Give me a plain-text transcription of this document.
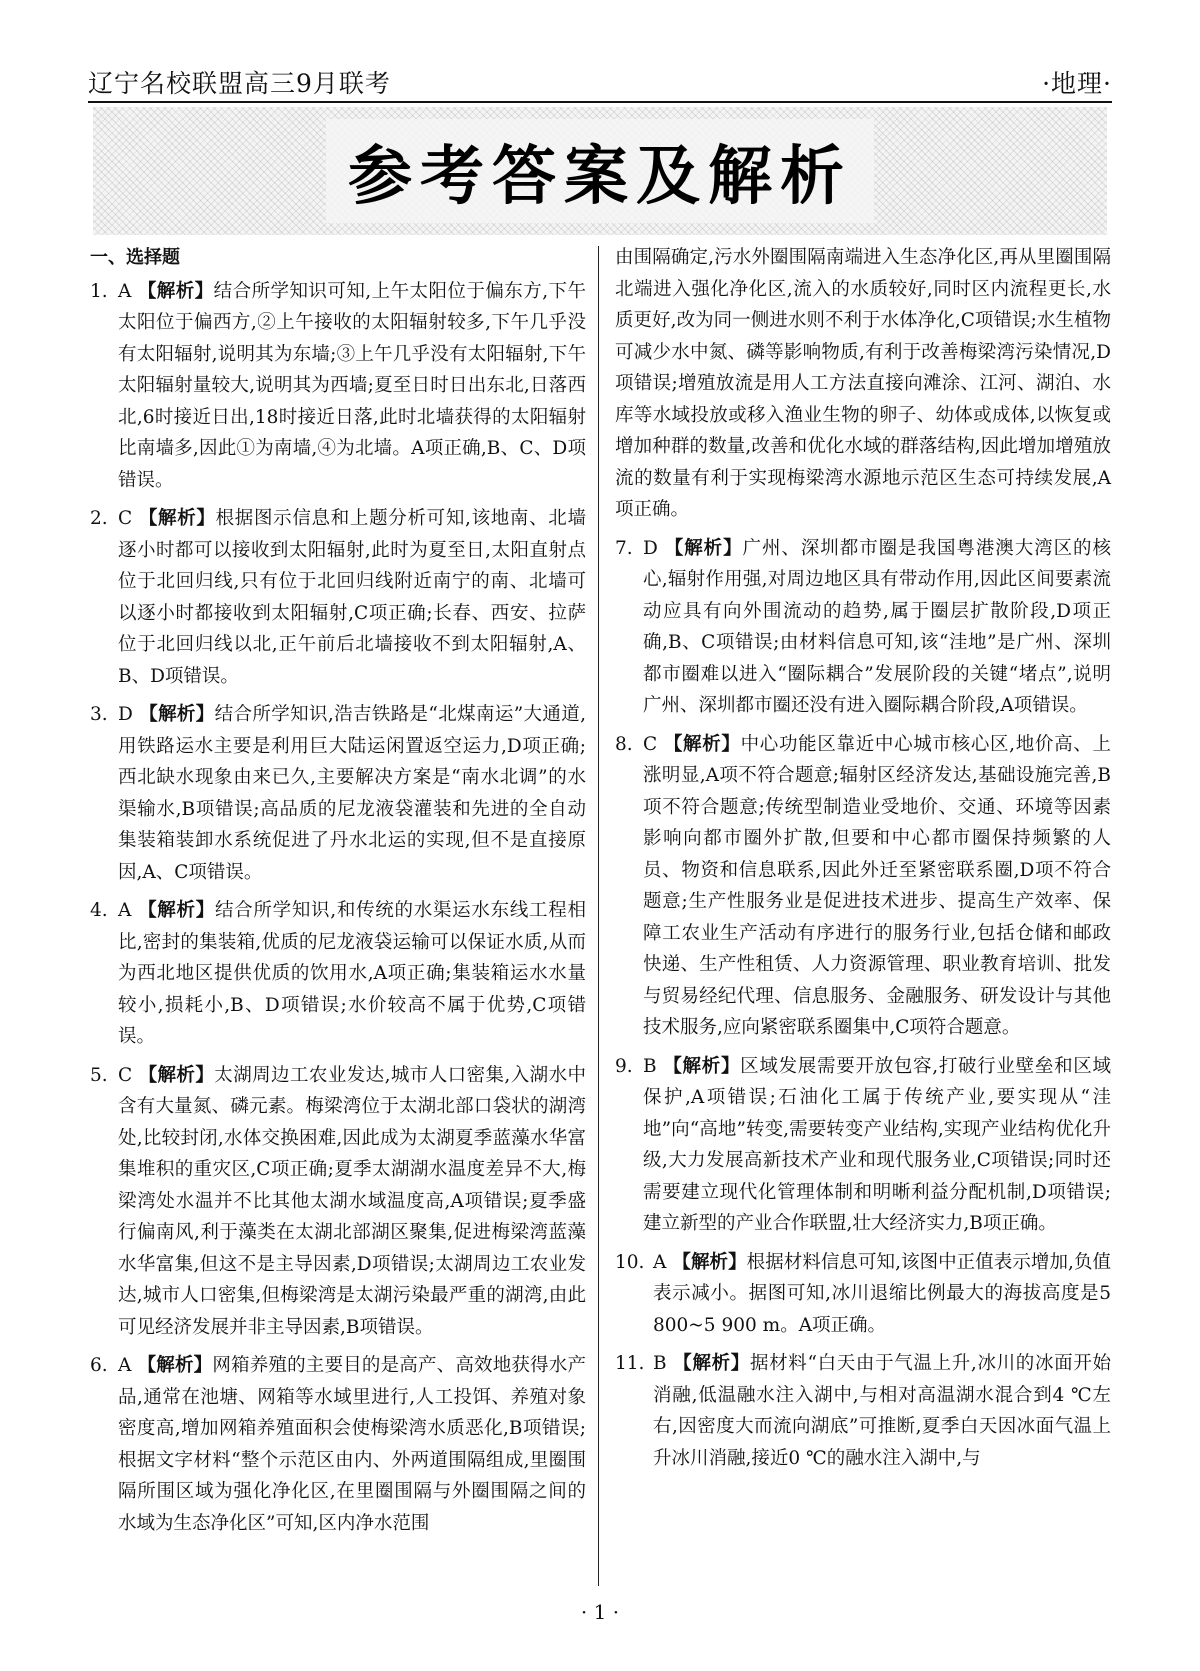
辽宁名校联盟高三9月联考	·地理·
参考答案及解析
一、选择题
1. A 【解析】结合所学知识可知,上午太阳位于偏东方,下午太阳位于偏西方,②上午接收的太阳辐射较多,下午几乎没有太阳辐射,说明其为东墙;③上午几乎没有太阳辐射,下午太阳辐射量较大,说明其为西墙;夏至日时日出东北,日落西北,6时接近日出,18时接近日落,此时北墙获得的太阳辐射比南墙多,因此①为南墙,④为北墙。A项正确,B、C、D项错误。
2. C 【解析】根据图示信息和上题分析可知,该地南、北墙逐小时都可以接收到太阳辐射,此时为夏至日,太阳直射点位于北回归线,只有位于北回归线附近南宁的南、北墙可以逐小时都接收到太阳辐射,C项正确;长春、西安、拉萨位于北回归线以北,正午前后北墙接收不到太阳辐射,A、B、D项错误。
3. D 【解析】结合所学知识,浩吉铁路是“北煤南运”大通道,用铁路运水主要是利用巨大陆运闲置返空运力,D项正确;西北缺水现象由来已久,主要解决方案是“南水北调”的水渠输水,B项错误;高品质的尼龙液袋灌装和先进的全自动集装箱装卸水系统促进了丹水北运的实现,但不是直接原因,A、C项错误。
4. A 【解析】结合所学知识,和传统的水渠运水东线工程相比,密封的集装箱,优质的尼龙液袋运输可以保证水质,从而为西北地区提供优质的饮用水,A项正确;集装箱运水水量较小,损耗小,B、D项错误;水价较高不属于优势,C项错误。
5. C 【解析】太湖周边工农业发达,城市人口密集,入湖水中含有大量氮、磷元素。梅梁湾位于太湖北部口袋状的湖湾处,比较封闭,水体交换困难,因此成为太湖夏季蓝藻水华富集堆积的重灾区,C项正确;夏季太湖湖水温度差异不大,梅梁湾处水温并不比其他太湖水域温度高,A项错误;夏季盛行偏南风,利于藻类在太湖北部湖区聚集,促进梅梁湾蓝藻水华富集,但这不是主导因素,D项错误;太湖周边工农业发达,城市人口密集,但梅梁湾是太湖污染最严重的湖湾,由此可见经济发展并非主导因素,B项错误。
6. A 【解析】网箱养殖的主要目的是高产、高效地获得水产品,通常在池塘、网箱等水域里进行,人工投饵、养殖对象密度高,增加网箱养殖面积会使梅梁湾水质恶化,B项错误;根据文字材料“整个示范区由内、外两道围隔组成,里圈围隔所围区域为强化净化区,在里圈围隔与外圈围隔之间的水域为生态净化区”可知,区内净水范围
由围隔确定,污水外圈围隔南端进入生态净化区,再从里圈围隔北端进入强化净化区,流入的水质较好,同时区内流程更长,水质更好,改为同一侧进水则不利于水体净化,C项错误;水生植物可减少水中氮、磷等影响物质,有利于改善梅梁湾污染情况,D项错误;增殖放流是用人工方法直接向滩涂、江河、湖泊、水库等水域投放或移入渔业生物的卵子、幼体或成体,以恢复或增加种群的数量,改善和优化水域的群落结构,因此增加增殖放流的数量有利于实现梅梁湾水源地示范区生态可持续发展,A项正确。
7. D 【解析】广州、深圳都市圈是我国粤港澳大湾区的核心,辐射作用强,对周边地区具有带动作用,因此区间要素流动应具有向外围流动的趋势,属于圈层扩散阶段,D项正确,B、C项错误;由材料信息可知,该“洼地”是广州、深圳都市圈难以进入“圈际耦合”发展阶段的关键“堵点”,说明广州、深圳都市圈还没有进入圈际耦合阶段,A项错误。
8. C 【解析】中心功能区靠近中心城市核心区,地价高、上涨明显,A项不符合题意;辐射区经济发达,基础设施完善,B项不符合题意;传统型制造业受地价、交通、环境等因素影响向都市圈外扩散,但要和中心都市圈保持频繁的人员、物资和信息联系,因此外迁至紧密联系圈,D项不符合题意;生产性服务业是促进技术进步、提高生产效率、保障工农业生产活动有序进行的服务行业,包括仓储和邮政快递、生产性租赁、人力资源管理、职业教育培训、批发与贸易经纪代理、信息服务、金融服务、研发设计与其他技术服务,应向紧密联系圈集中,C项符合题意。
9. B 【解析】区域发展需要开放包容,打破行业壁垒和区域保护,A项错误;石油化工属于传统产业,要实现从“洼地”向“高地”转变,需要转变产业结构,实现产业结构优化升级,大力发展高新技术产业和现代服务业,C项错误;同时还需要建立现代化管理体制和明晰利益分配机制,D项错误;建立新型的产业合作联盟,壮大经济实力,B项正确。
10. A 【解析】根据材料信息可知,该图中正值表示增加,负值表示减小。据图可知,冰川退缩比例最大的海拔高度是5 800~5 900 m。A项正确。
11. B 【解析】据材料“白天由于气温上升,冰川的冰面开始消融,低温融水注入湖中,与相对高温湖水混合到4 ℃左右,因密度大而流向湖底”可推断,夏季白天因冰面气温上升冰川消融,接近0 ℃的融水注入湖中,与
· 1 ·
